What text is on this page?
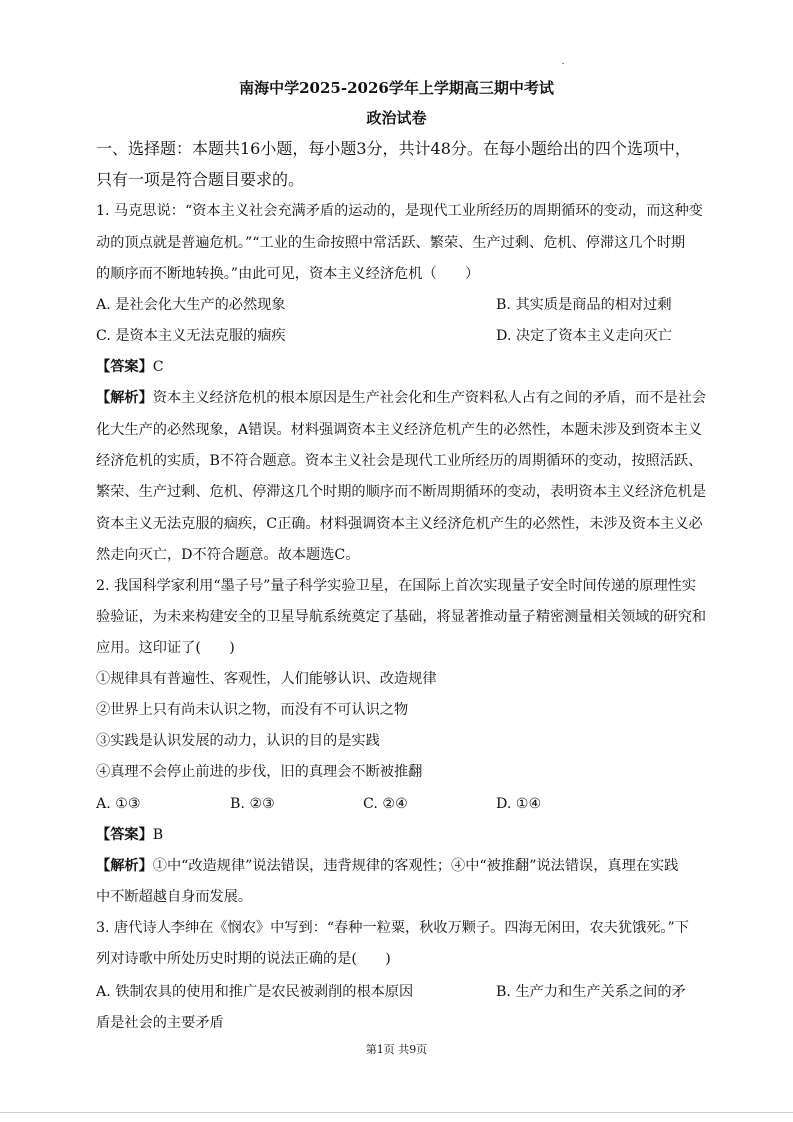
南海中学2025-2026学年上学期高三期中考试
政治试卷
一、选择题：本题共16小题，每小题3分，共计48分。在每小题给出的四个选项中，
只有一项是符合题目要求的。
1. 马克思说：“资本主义社会充满矛盾的运动的，是现代工业所经历的周期循环的变动，而这种变
动的顶点就是普遍危机。”“工业的生命按照中常活跃、繁荣、生产过剩、危机、停滞这几个时期
的顺序而不断地转换。”由此可见，资本主义经济危机（　　）
A. 是社会化大生产的必然现象	B. 其实质是商品的相对过剩
C. 是资本主义无法克服的痼疾	D. 决定了资本主义走向灭亡
【答案】C
【解析】资本主义经济危机的根本原因是生产社会化和生产资料私人占有之间的矛盾，而不是社会
化大生产的必然现象，A错误。材料强调资本主义经济危机产生的必然性，本题未涉及到资本主义
经济危机的实质，B不符合题意。资本主义社会是现代工业所经历的周期循环的变动，按照活跃、
繁荣、生产过剩、危机、停滞这几个时期的顺序而不断周期循环的变动，表明资本主义经济危机是
资本主义无法克服的痼疾，C正确。材料强调资本主义经济危机产生的必然性，未涉及资本主义必
然走向灭亡，D不符合题意。故本题选C。
2. 我国科学家利用“墨子号”量子科学实验卫星，在国际上首次实现量子安全时间传递的原理性实
验验证，为未来构建安全的卫星导航系统奠定了基础，将显著推动量子精密测量相关领域的研究和
应用。这印证了(　　)
①规律具有普遍性、客观性，人们能够认识、改造规律
②世界上只有尚未认识之物，而没有不可认识之物
③实践是认识发展的动力，认识的目的是实践
④真理不会停止前进的步伐，旧的真理会不断被推翻
A. ①③	B. ②③	C. ②④	D. ①④
【答案】B
【解析】①中“改造规律”说法错误，违背规律的客观性；④中“被推翻”说法错误，真理在实践
中不断超越自身而发展。
3. 唐代诗人李绅在《悯农》中写到：“春种一粒粟，秋收万颗子。四海无闲田，农夫犹饿死。”下
列对诗歌中所处历史时期的说法正确的是(　　)
A. 铁制农具的使用和推广是农民被剥削的根本原因	B. 生产力和生产关系之间的矛
盾是社会的主要矛盾
第1页 共9页
